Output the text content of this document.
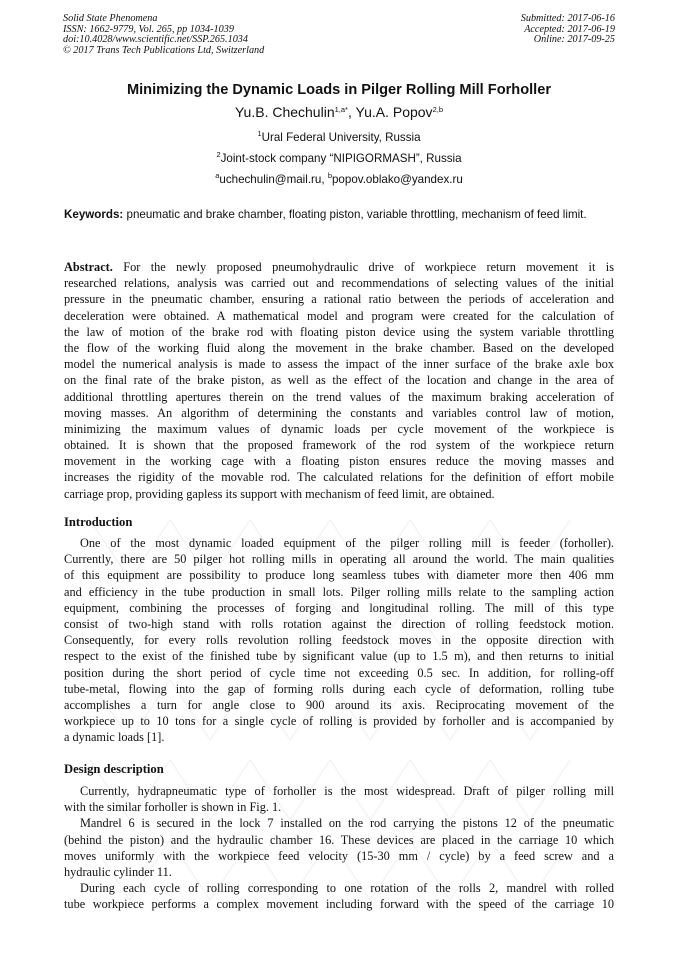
Solid State Phenomena
ISSN: 1662-9779, Vol. 265, pp 1034-1039
doi:10.4028/www.scientific.net/SSP.265.1034
© 2017 Trans Tech Publications Ltd, Switzerland
Submitted: 2017-06-16
Accepted: 2017-06-19
Online: 2017-09-25
Minimizing the Dynamic Loads in Pilger Rolling Mill Forholler
Yu.B. Chechulin$^{1,a*}$, Yu.A. Popov$^{2,b}$
$^1$Ural Federal University, Russia
$^2$Joint-stock company “NIPIGORMASH”, Russia
$^a$uchechulin@mail.ru, $^b$popov.oblako@yandex.ru
Keywords: pneumatic and brake chamber, floating piston, variable throttling, mechanism of feed limit.
Abstract. For the newly proposed pneumohydraulic drive of workpiece return movement it is
researched relations, analysis was carried out and recommendations of selecting values of the initial
pressure in the pneumatic chamber, ensuring a rational ratio between the periods of acceleration and
deceleration were obtained. A mathematical model and program were created for the calculation of
the law of motion of the brake rod with floating piston device using the system variable throttling
the flow of the working fluid along the movement in the brake chamber. Based on the developed
model the numerical analysis is made to assess the impact of the inner surface of the brake axle box
on the final rate of the brake piston, as well as the effect of the location and change in the area of
additional throttling apertures therein on the trend values of the maximum braking acceleration of
moving masses. An algorithm of determining the constants and variables control law of motion,
minimizing the maximum values of dynamic loads per cycle movement of the workpiece is
obtained. It is shown that the proposed framework of the rod system of the workpiece return
movement in the working cage with a floating piston ensures reduce the moving masses and
increases the rigidity of the movable rod. The calculated relations for the definition of effort mobile
carriage prop, providing gapless its support with mechanism of feed limit, are obtained.
Introduction
One of the most dynamic loaded equipment of the pilger rolling mill is feeder (forholler).
Currently, there are 50 pilger hot rolling mills in operating all around the world. The main qualities
of this equipment are possibility to produce long seamless tubes with diameter more then 406 mm
and efficiency in the tube production in small lots. Pilger rolling mills relate to the sampling action
equipment, combining the processes of forging and longitudinal rolling. The mill of this type
consist of two-high stand with rolls rotation against the direction of rolling feedstock motion.
Consequently, for every rolls revolution rolling feedstock moves in the opposite direction with
respect to the exist of the finished tube by significant value (up to 1.5 m), and then returns to initial
position during the short period of cycle time not exceeding 0.5 sec. In addition, for rolling-off
tube-metal, flowing into the gap of forming rolls during each cycle of deformation, rolling tube
accomplishes a turn for angle close to 900 around its axis. Reciprocating movement of the
workpiece up to 10 tons for a single cycle of rolling is provided by forholler and is accompanied by
a dynamic loads [1].
Design description
Currently, hydrapneumatic type of forholler is the most widespread. Draft of pilger rolling mill
with the similar forholler is shown in Fig. 1.
Mandrel 6 is secured in the lock 7 installed on the rod carrying the pistons 12 of the pneumatic
(behind the piston) and the hydraulic chamber 16. These devices are placed in the carriage 10 which
moves uniformly with the workpiece feed velocity (15-30 mm / cycle) by a feed screw and a
hydraulic cylinder 11.
During each cycle of rolling corresponding to one rotation of the rolls 2, mandrel with rolled
tube workpiece performs a complex movement including forward with the speed of the carriage 10
